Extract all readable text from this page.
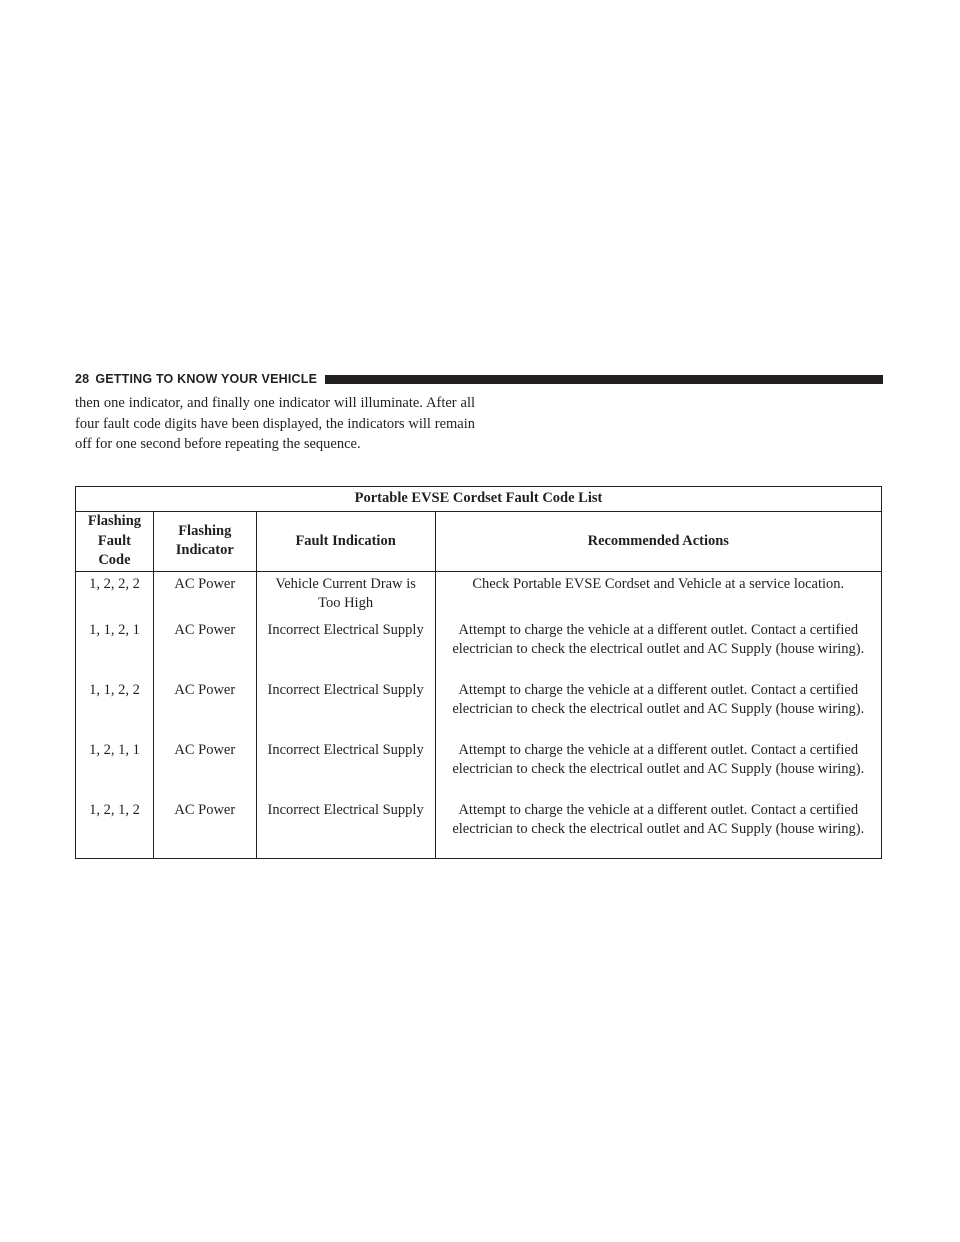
28 GETTING TO KNOW YOUR VEHICLE

then one indicator, and finally one indicator will illuminate. After all four fault code digits have been displayed, the indicators will remain off for one second before repeating the sequence.

Portable EVSE Cordset Fault Code List			
Flashing Fault Code	Flashing Indicator	Fault Indication	Recommended Actions
1, 2, 2, 2	AC Power	Vehicle Current Draw is Too High	Check Portable EVSE Cordset and Vehicle at a service location.
1, 1, 2, 1	AC Power	Incorrect Electrical Supply	Attempt to charge the vehicle at a different outlet. Contact a certified electrician to check the electrical outlet and AC Supply (house wiring).
1, 1, 2, 2	AC Power	Incorrect Electrical Supply	Attempt to charge the vehicle at a different outlet. Contact a certified electrician to check the electrical outlet and AC Supply (house wiring).
1, 2, 1, 1	AC Power	Incorrect Electrical Supply	Attempt to charge the vehicle at a different outlet. Contact a certified electrician to check the electrical outlet and AC Supply (house wiring).
1, 2, 1, 2	AC Power	Incorrect Electrical Supply	Attempt to charge the vehicle at a different outlet. Contact a certified electrician to check the electrical outlet and AC Supply (house wiring).
